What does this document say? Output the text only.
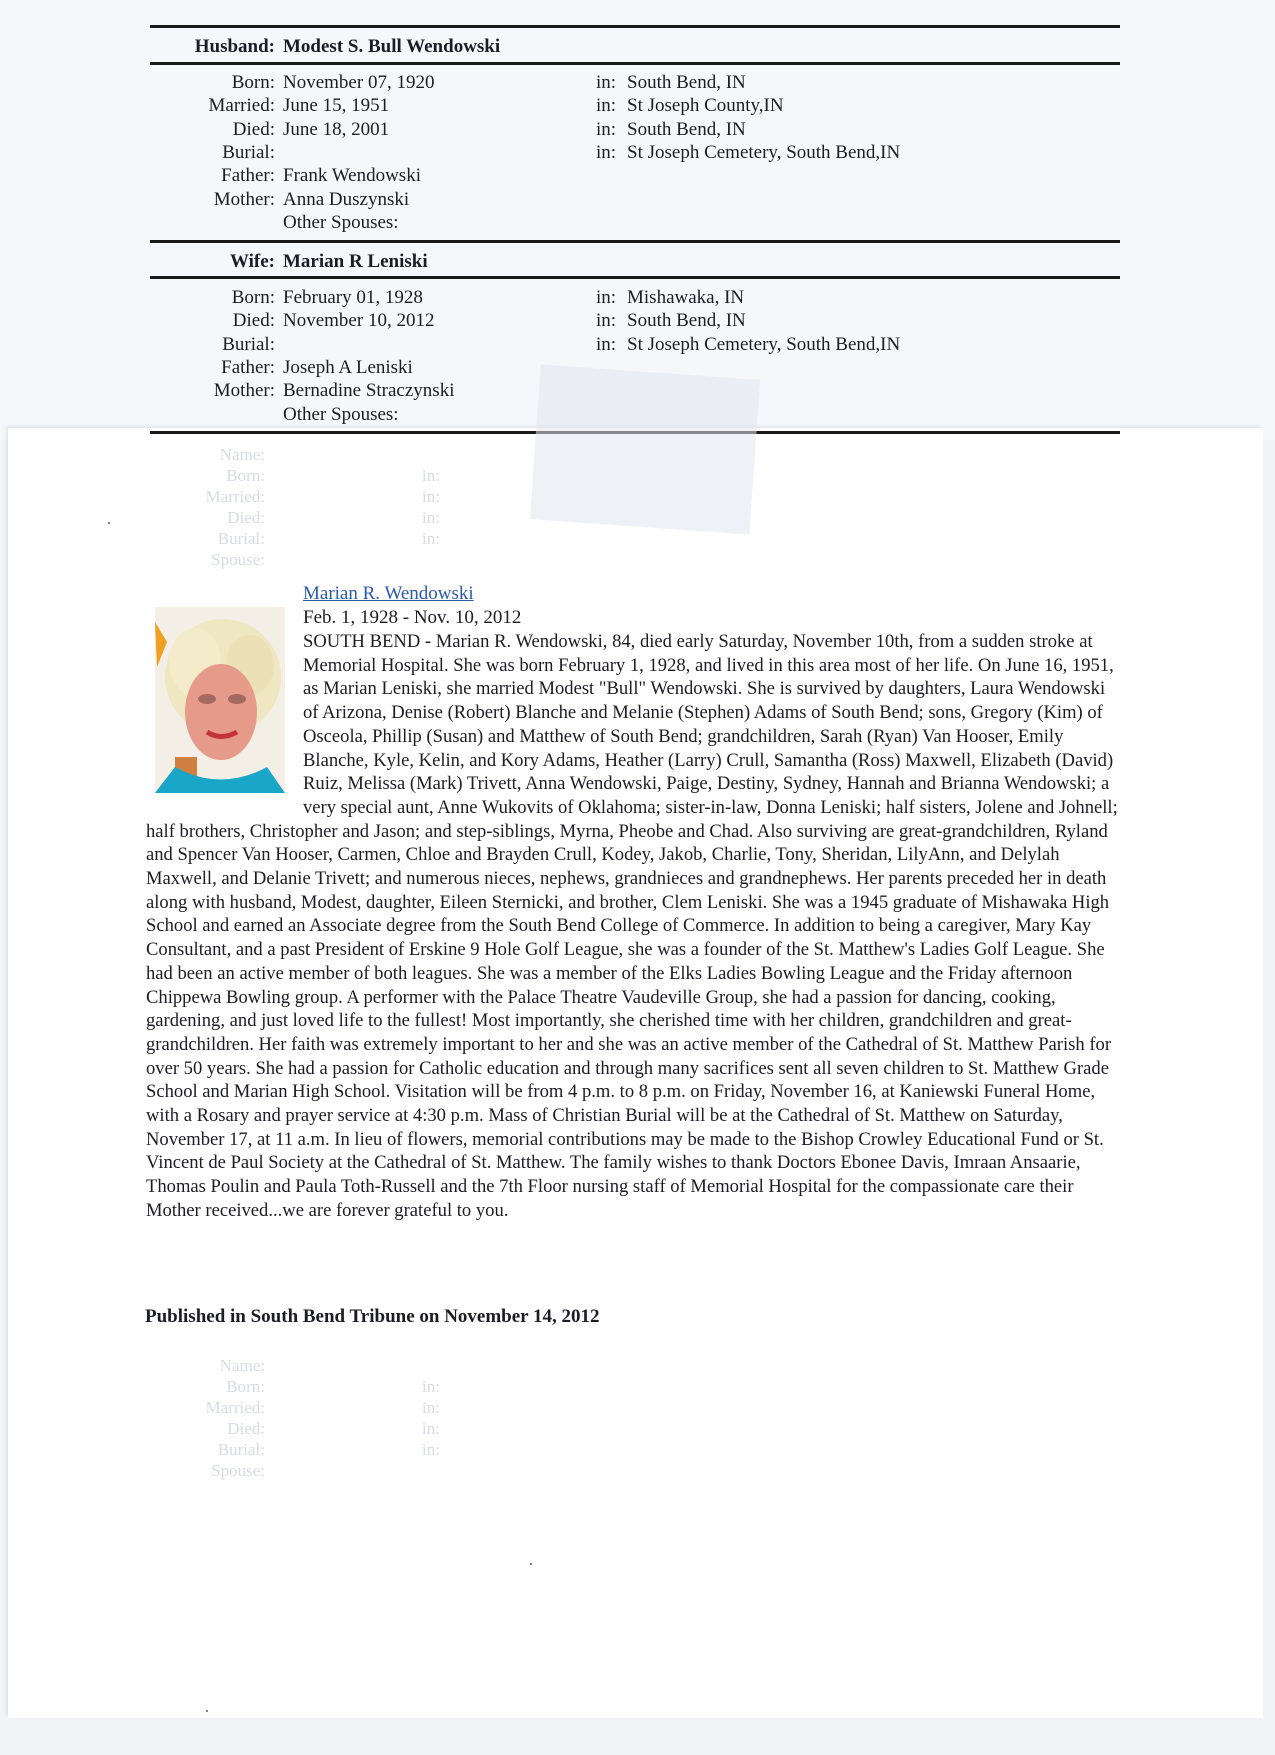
Husband: Modest S. Bull Wendowski
Born: November 07, 1920	in: South Bend, IN
Married: June 15, 1951	in: St Joseph County,IN
Died: June 18, 2001	in: South Bend, IN
Burial:	in: St Joseph Cemetery, South Bend,IN
Father: Frank Wendowski
Mother: Anna Duszynski
Other Spouses:
Wife: Marian R Leniski
Born: February 01, 1928	in: Mishawaka, IN
Died: November 10, 2012	in: South Bend, IN
Burial:	in: St Joseph Cemetery, South Bend,IN
Father: Joseph A Leniski
Mother: Bernadine Straczynski
Other Spouses:
Name:
Born:	in:
Married:	in:
Died:	in:
Burial:	in:
Spouse:
Name:
Born:	in:
Married:	in:
Died:	in:
Burial:	in:
Spouse:
Marian R. Wendowski
Feb. 1, 1928 - Nov. 10, 2012
SOUTH BEND - Marian R. Wendowski, 84, died early Saturday, November 10th, from a sudden stroke at Memorial Hospital. She was born February 1, 1928, and lived in this area most of her life. On June 16, 1951, as Marian Leniski, she married Modest "Bull" Wendowski. She is survived by daughters, Laura Wendowski of Arizona, Denise (Robert) Blanche and Melanie (Stephen) Adams of South Bend; sons, Gregory (Kim) of Osceola, Phillip (Susan) and Matthew of South Bend; grandchildren, Sarah (Ryan) Van Hooser, Emily Blanche, Kyle, Kelin, and Kory Adams, Heather (Larry) Crull, Samantha (Ross) Maxwell, Elizabeth (David) Ruiz, Melissa (Mark) Trivett, Anna Wendowski, Paige, Destiny, Sydney, Hannah and Brianna Wendowski; a very special aunt, Anne Wukovits of Oklahoma; sister-in-law, Donna Leniski; half sisters, Jolene and Johnell; half brothers, Christopher and Jason; and step-siblings, Myrna, Pheobe and Chad. Also surviving are great-grandchildren, Ryland and Spencer Van Hooser, Carmen, Chloe and Brayden Crull, Kodey, Jakob, Charlie, Tony, Sheridan, LilyAnn, and Delylah Maxwell, and Delanie Trivett; and numerous nieces, nephews, grandnieces and grandnephews. Her parents preceded her in death along with husband, Modest, daughter, Eileen Sternicki, and brother, Clem Leniski. She was a 1945 graduate of Mishawaka High School and earned an Associate degree from the South Bend College of Commerce. In addition to being a caregiver, Mary Kay Consultant, and a past President of Erskine 9 Hole Golf League, she was a founder of the St. Matthew's Ladies Golf League. She had been an active member of both leagues. She was a member of the Elks Ladies Bowling League and the Friday afternoon Chippewa Bowling group. A performer with the Palace Theatre Vaudeville Group, she had a passion for dancing, cooking, gardening, and just loved life to the fullest! Most importantly, she cherished time with her children, grandchildren and great-grandchildren. Her faith was extremely important to her and she was an active member of the Cathedral of St. Matthew Parish for over 50 years. She had a passion for Catholic education and through many sacrifices sent all seven children to St. Matthew Grade School and Marian High School. Visitation will be from 4 p.m. to 8 p.m. on Friday, November 16, at Kaniewski Funeral Home, with a Rosary and prayer service at 4:30 p.m. Mass of Christian Burial will be at the Cathedral of St. Matthew on Saturday, November 17, at 11 a.m. In lieu of flowers, memorial contributions may be made to the Bishop Crowley Educational Fund or St. Vincent de Paul Society at the Cathedral of St. Matthew. The family wishes to thank Doctors Ebonee Davis, Imraan Ansaarie, Thomas Poulin and Paula Toth-Russell and the 7th Floor nursing staff of Memorial Hospital for the compassionate care their Mother received...we are forever grateful to you.
Published in South Bend Tribune on November 14, 2012
